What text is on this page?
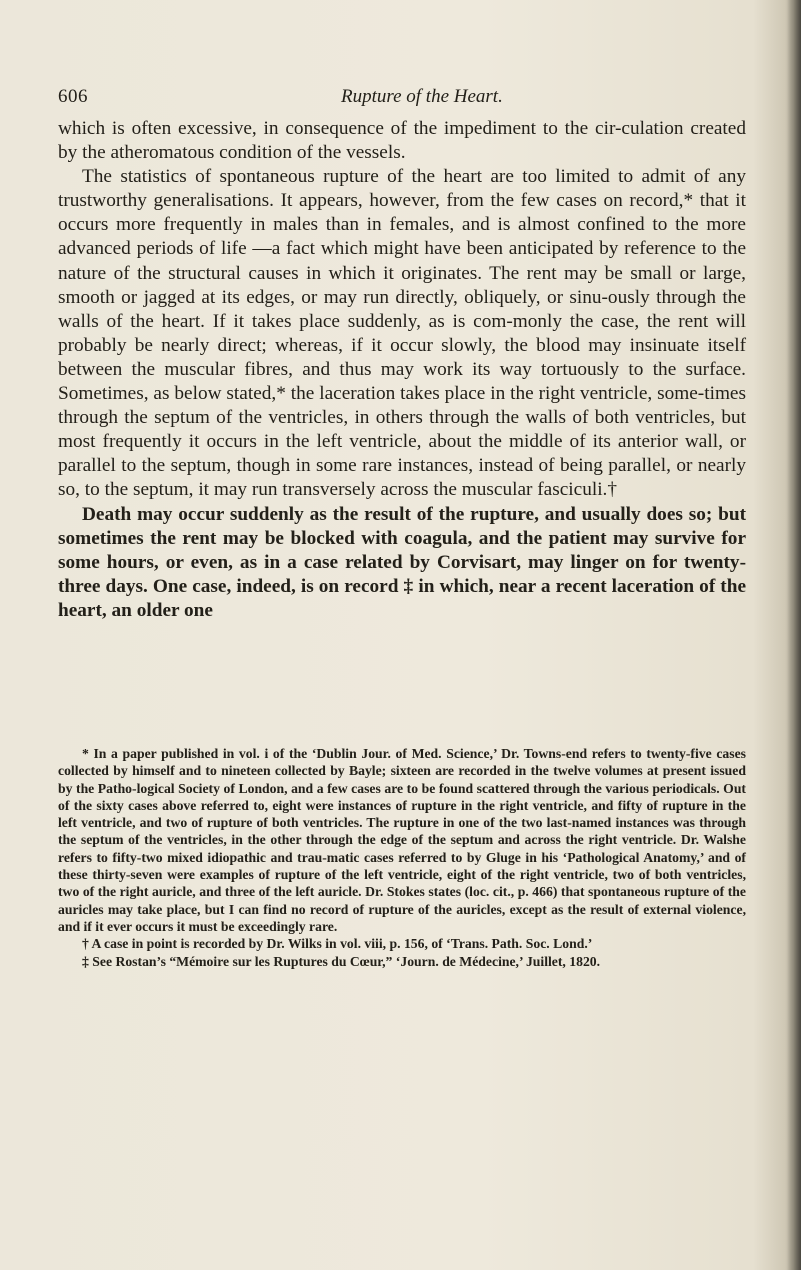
606	Rupture of the Heart.

which is often excessive, in consequence of the impediment to the cir-culation created by the atheromatous condition of the vessels.

The statistics of spontaneous rupture of the heart are too limited to admit of any trustworthy generalisations. It appears, however, from the few cases on record,* that it occurs more frequently in males than in females, and is almost confined to the more advanced periods of life —a fact which might have been anticipated by reference to the nature of the structural causes in which it originates. The rent may be small or large, smooth or jagged at its edges, or may run directly, obliquely, or sinu-ously through the walls of the heart. If it takes place suddenly, as is com-monly the case, the rent will probably be nearly direct; whereas, if it occur slowly, the blood may insinuate itself between the muscular fibres, and thus may work its way tortuously to the surface. Sometimes, as below stated,* the laceration takes place in the right ventricle, some-times through the septum of the ventricles, in others through the walls of both ventricles, but most frequently it occurs in the left ventricle, about the middle of its anterior wall, or parallel to the septum, though in some rare instances, instead of being parallel, or nearly so, to the septum, it may run transversely across the muscular fasciculi.†

Death may occur suddenly as the result of the rupture, and usually does so; but sometimes the rent may be blocked with coagula, and the patient may survive for some hours, or even, as in a case related by Corvisart, may linger on for twenty-three days. One case, indeed, is on record ‡ in which, near a recent laceration of the heart, an older one

* In a paper published in vol. i of the ‘Dublin Jour. of Med. Science,’ Dr. Towns-end refers to twenty-five cases collected by himself and to nineteen collected by Bayle; sixteen are recorded in the twelve volumes at present issued by the Patho-logical Society of London, and a few cases are to be found scattered through the various periodicals. Out of the sixty cases above referred to, eight were instances of rupture in the right ventricle, and fifty of rupture in the left ventricle, and two of rupture of both ventricles. The rupture in one of the two last-named instances was through the septum of the ventricles, in the other through the edge of the septum and across the right ventricle. Dr. Walshe refers to fifty-two mixed idiopathic and trau-matic cases referred to by Gluge in his ‘Pathological Anatomy,’ and of these thirty-seven were examples of rupture of the left ventricle, eight of the right ventricle, two of both ventricles, two of the right auricle, and three of the left auricle. Dr. Stokes states (loc. cit., p. 466) that spontaneous rupture of the auricles may take place, but I can find no record of rupture of the auricles, except as the result of external violence, and if it ever occurs it must be exceedingly rare.

† A case in point is recorded by Dr. Wilks in vol. viii, p. 156, of ‘Trans. Path. Soc. Lond.’

‡ See Rostan’s “Mémoire sur les Ruptures du Cœur,” ‘Journ. de Médecine,’ Juillet, 1820.
